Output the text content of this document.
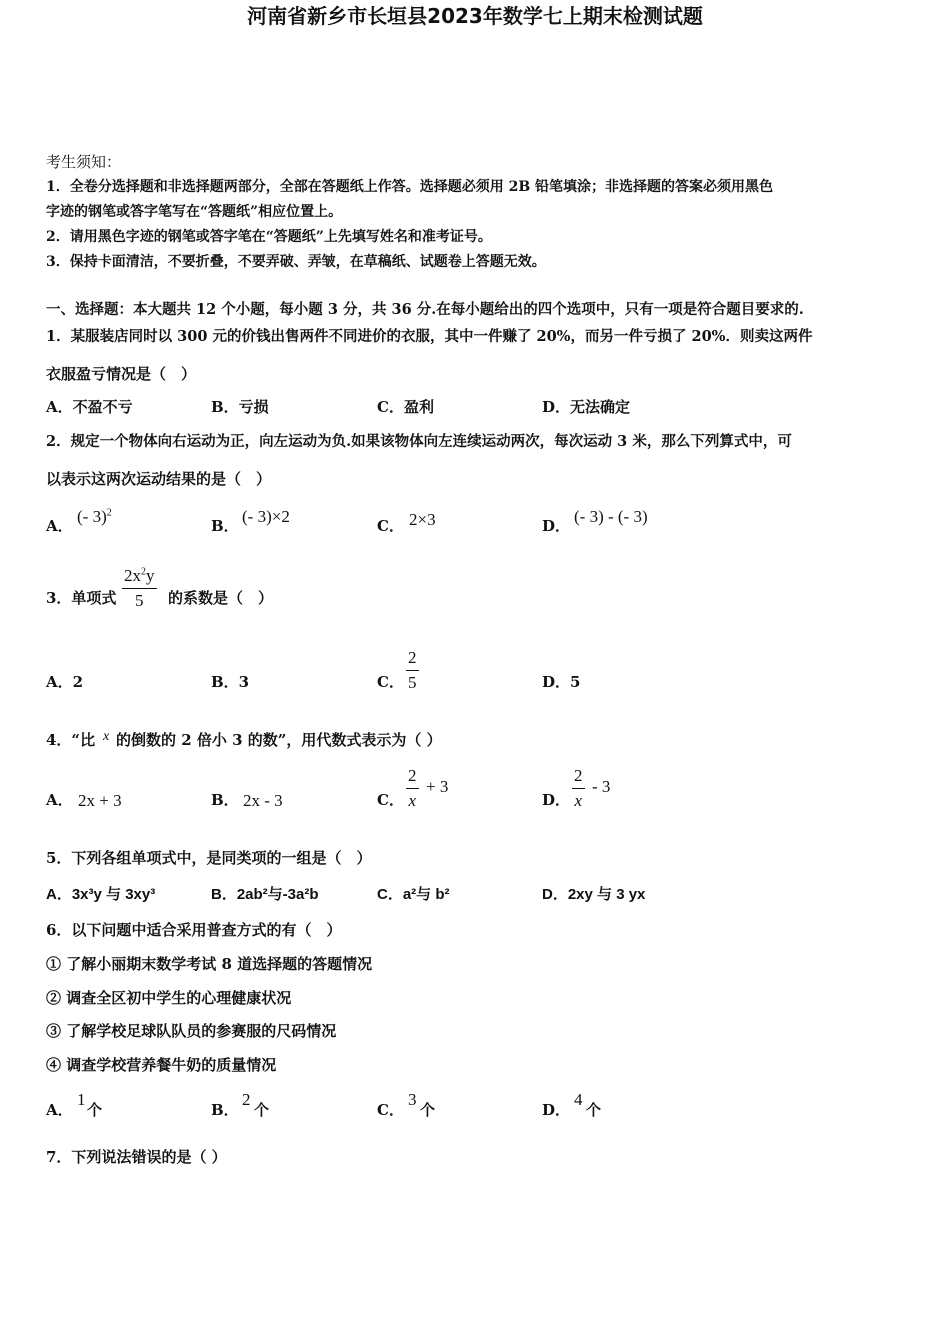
河南省新乡市长垣县2023年数学七上期末检测试题
考生须知：
1．全卷分选择题和非选择题两部分，全部在答题纸上作答。选择题必须用 2B 铅笔填涂；非选择题的答案必须用黑色
字迹的钢笔或答字笔写在“答题纸”相应位置上。
2．请用黑色字迹的钢笔或答字笔在“答题纸”上先填写姓名和准考证号。
3．保持卡面清洁，不要折叠，不要弄破、弄皱，在草稿纸、试题卷上答题无效。
一、选择题：本大题共 12 个小题，每小题 3 分，共 36 分.在每小题给出的四个选项中，只有一项是符合题目要求的.
1．某服装店同时以 300 元的价钱出售两件不同进价的衣服，其中一件赚了 20%，而另一件亏损了 20%．则卖这两件
衣服盈亏情况是（　）
A．不盈不亏	B．亏损	C．盈利	D．无法确定
2．规定一个物体向右运动为正，向左运动为负.如果该物体向左连续运动两次，每次运动 3 米，那么下列算式中，可
以表示这两次运动结果的是（　）
A． (- 3)$^2$
B． (- 3)×2	C． 2×3	D． (- 3) - (- 3)
3．单项式 $\frac{2x^2y}{5}$ 的系数是（　）
A．2	B．3	C． $\frac{2}{5}$	D．5
4．“比 x 的倒数的 2 倍小 3 的数”，用代数式表示为（ ）
A． 2x + 3	B． 2x - 3	C． $\frac{2}{x} + 3$
D． $\frac{2}{x} - 3$
5．下列各组单项式中，是同类项的一组是（　）
A．3x³y 与 3xy³	B．2ab²与-3a²b	C．a²与 b²	D．2xy 与 3 yx
6．以下问题中适合采用普查方式的有（　）
① 了解小丽期末数学考试 8 道选择题的答题情况
② 调查全区初中学生的心理健康状况
③ 了解学校足球队队员的参赛服的尺码情况
④ 调查学校营养餐牛奶的质量情况
A．
1
个	B．
2
个	C．
3
个	D．
4
个
7．下列说法错误的是（ ）
